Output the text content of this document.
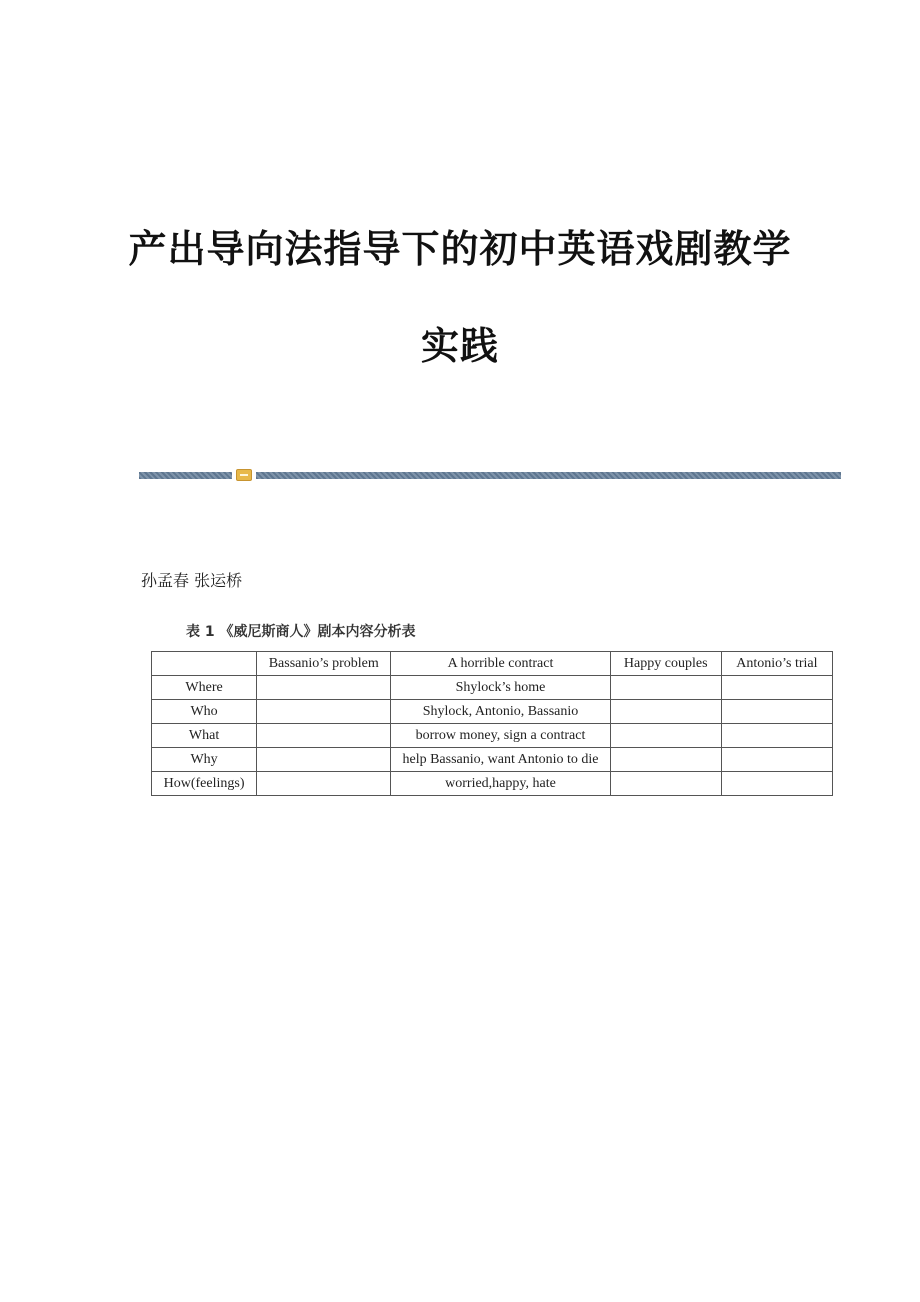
产出导向法指导下的初中英语戏剧教学
实践
孙孟春 张运桥
表 1 《威尼斯商人》剧本内容分析表
	Bassanio’s problem	A horrible contract	Happy couples	Antonio’s trial
Where		Shylock’s home		
Who		Shylock, Antonio, Bassanio		
What		borrow money, sign a contract		
Why		help Bassanio, want Antonio to die		
How(feelings)		worried,happy, hate		
